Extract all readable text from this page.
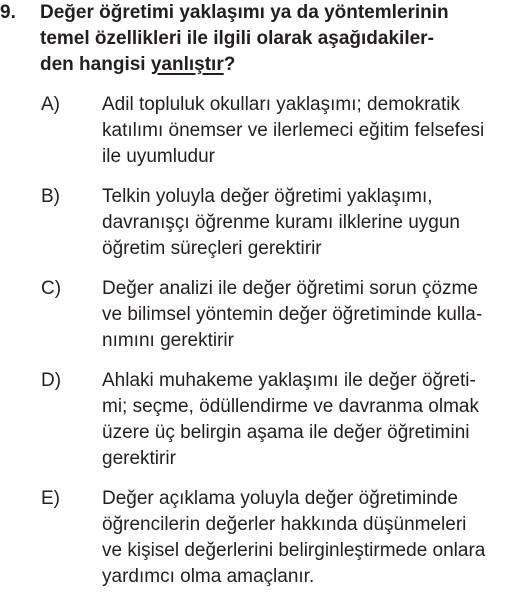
9. Değer öğretimi yaklaşımı ya da yöntemlerinin
temel özellikleri ile ilgili olarak aşağıdakiler-
den hangisi yanlıştır?
A) Adil topluluk okulları yaklaşımı; demokratik
katılımı önemser ve ilerlemeci eğitim felsefesi
ile uyumludur
B) Telkin yoluyla değer öğretimi yaklaşımı,
davranışçı öğrenme kuramı ilklerine uygun
öğretim süreçleri gerektirir
C) Değer analizi ile değer öğretimi sorun çözme
ve bilimsel yöntemin değer öğretiminde kulla-
nımını gerektirir
D) Ahlaki muhakeme yaklaşımı ile değer öğreti-
mi; seçme, ödüllendirme ve davranma olmak
üzere üç belirgin aşama ile değer öğretimini
gerektirir
E) Değer açıklama yoluyla değer öğretiminde
öğrencilerin değerler hakkında düşünmeleri
ve kişisel değerlerini belirginleştirmede onlara
yardımcı olma amaçlanır.
